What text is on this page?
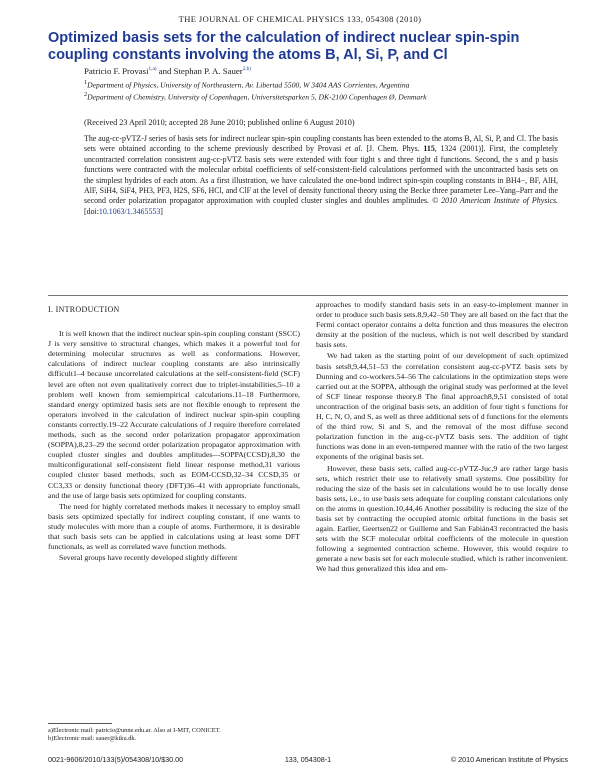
THE JOURNAL OF CHEMICAL PHYSICS 133, 054308 (2010)
Optimized basis sets for the calculation of indirect nuclear spin-spin coupling constants involving the atoms B, Al, Si, P, and Cl
Patricio F. Provasi$^{1,a)}$ and Stephan P. A. Sauer$^{2,b)}$
$^1$Department of Physics, University of Northeastern, Av. Libertad 5500, W 3404 AAS Corrientes, Argentina
$^2$Department of Chemistry, University of Copenhagen, Universitetsparken 5, DK-2100 Copenhagen Ø, Denmark
(Received 23 April 2010; accepted 28 June 2010; published online 6 August 2010)
The aug-cc-pVTZ-J series of basis sets for indirect nuclear spin-spin coupling constants has been extended to the atoms B, Al, Si, P, and Cl. The basis sets were obtained according to the scheme previously described by Provasi et al. [J. Chem. Phys. 115, 1324 (2001)]. First, the completely uncontracted correlation consistent aug-cc-pVTZ basis sets were extended with four tight s and three tight d functions. Second, the s and p basis functions were contracted with the molecular orbital coefficients of self-consistent-field calculations performed with the uncontracted basis sets on the simplest hydrides of each atom. As a first illustration, we have calculated the one-bond indirect spin-spin coupling constants in BH4−, BF, AlH, AlF, SiH4, SiF4, PH3, PF3, H2S, SF6, HCl, and ClF at the level of density functional theory using the Becke three parameter Lee–Yang–Parr and the second order polarization propagator approximation with coupled cluster singles and doubles amplitudes. © 2010 American Institute of Physics. [doi:10.1063/1.3465553]
I. INTRODUCTION

It is well known that the indirect nuclear spin-spin coupling constant (SSCC) J is very sensitive to structural changes, which makes it a powerful tool for determining molecular structures as well as conformations. However, calculations of indirect nuclear coupling constants are also intrinsically difficult1–4 because uncorrelated calculations at the self-consistent-field (SCF) level are often not even qualitatively correct due to triplet-instabilities,5–10 a problem well known from semiempirical calculations.11–18 Furthermore, standard energy optimized basis sets are not flexible enough to represent the operators involved in the calculation of indirect nuclear spin-spin coupling constants correctly.19–22 Accurate calculations of J require therefore correlated methods, such as the second order polarization propagator approximation (SOPPA),8,23–29 the second order polarization propagator approximation with coupled cluster singles and doubles amplitudes—SOPPA(CCSD),8,30 the multiconfigurational self-consistent field linear response method,31 various coupled cluster based methods, such as EOM-CCSD,32–34 CCSD,35 or CC3,33 or density functional theory (DFT)36–41 with appropriate functionals, and the use of large basis sets optimized for coupling constants.

The need for highly correlated methods makes it necessary to employ small basis sets optimized specially for indirect coupling constant, if one wants to study molecules with more than a couple of atoms. Furthermore, it is desirable that such basis sets can be applied in calculations using at least some DFT functionals, as well as correlated wave function methods.

Several groups have recently developed slightly different

approaches to modify standard basis sets in an easy-to-implement manner in order to produce such basis sets.8,9,42–50 They are all based on the fact that the Fermi contact operator contains a delta function and thus measures the electron density at the position of the nucleus, which is not well described by standard basis sets.

We had taken as the starting point of our development of such optimized basis sets8,9,44,51–53 the correlation consistent aug-cc-pVTZ basis sets by Dunning and co-workers.54–56 The calculations in the optimization steps were carried out at the SOPPA, although the original study was performed at the level of SCF linear response theory.8 The final approach8,9,51 consisted of total uncontraction of the original basis sets, an addition of four tight s functions for H, C, N, O, and S, as well as three additional sets of d functions for the elements of the third row, Si and S, and the removal of the most diffuse second polarization function in the aug-cc-pVTZ basis sets. The addition of tight functions was done in an even-tempered manner with the ratio of the two largest exponents of the original basis set.

However, these basis sets, called aug-cc-pVTZ-Juc,9 are rather large basis sets, which restrict their use to relatively small systems. One possibility for reducing the size of the basis set in calculations would be to use locally dense basis sets, i.e., to use basis sets adequate for coupling constant calculations only on the atoms in question.10,44,46 Another possibility is reducing the size of the basis set by contracting the occupied atomic orbital functions in the basis set again. Earlier, Geertsen22 or Guilleme and San Fabián43 recontracted the basis sets with the SCF molecular orbital coefficients of the molecule in question following a segmented contraction scheme. However, this would require to generate a new basis set for each molecule studied, which is rather inconvenient. We had thus generalized this idea and em-

a)Electronic mail: patricio@unne.edu.ar. Also at I-MIT, CONICET.
b)Electronic mail: sauer@kiku.dk.
0021-9606/2010/133(5)/054308/10/$30.00	133, 054308-1	© 2010 American Institute of Physics
